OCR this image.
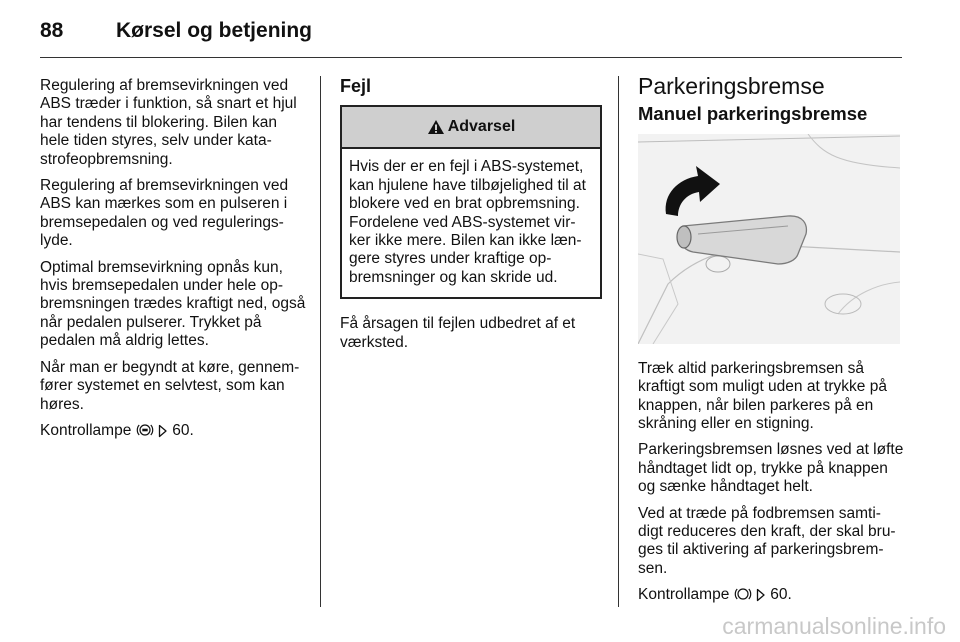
88	Kørsel og betjening

Regulering af bremsevirkningen ved ABS træder i funktion, så snart et hjul har tendens til blokering. Bilen kan hele tiden styres, selv under kata-strofeopbremsning.

Regulering af bremsevirkningen ved ABS kan mærkes som en pulseren i bremsepedalen og ved regulerings-lyde.

Optimal bremsevirkning opnås kun, hvis bremsepedalen under hele op-bremsningen trædes kraftigt ned, også når pedalen pulserer. Trykket på pedalen må aldrig lettes.

Når man er begyndt at køre, gennem-fører systemet en selvtest, som kan høres.

Kontrollampe	60.

Fejl
Advarsel
Hvis der er en fejl i ABS-systemet, kan hjulene have tilbøjelighed til at blokere ved en brat opbremsning. Fordelene ved ABS-systemet vir-ker ikke mere. Bilen kan ikke læn-gere styres under kraftige op-bremsninger og kan skride ud.

Få årsagen til fejlen udbedret af et værksted.

Parkeringsbremse
Manuel parkeringsbremse

Træk altid parkeringsbremsen så kraftigt som muligt uden at trykke på knappen, når bilen parkeres på en skråning eller en stigning.

Parkeringsbremsen løsnes ved at løfte håndtaget lidt op, trykke på knappen og sænke håndtaget helt.

Ved at træde på fodbremsen samti-digt reduceres den kraft, der skal bru-ges til aktivering af parkeringsbrem-sen.

Kontrollampe	60.

carmanualsonline.info
